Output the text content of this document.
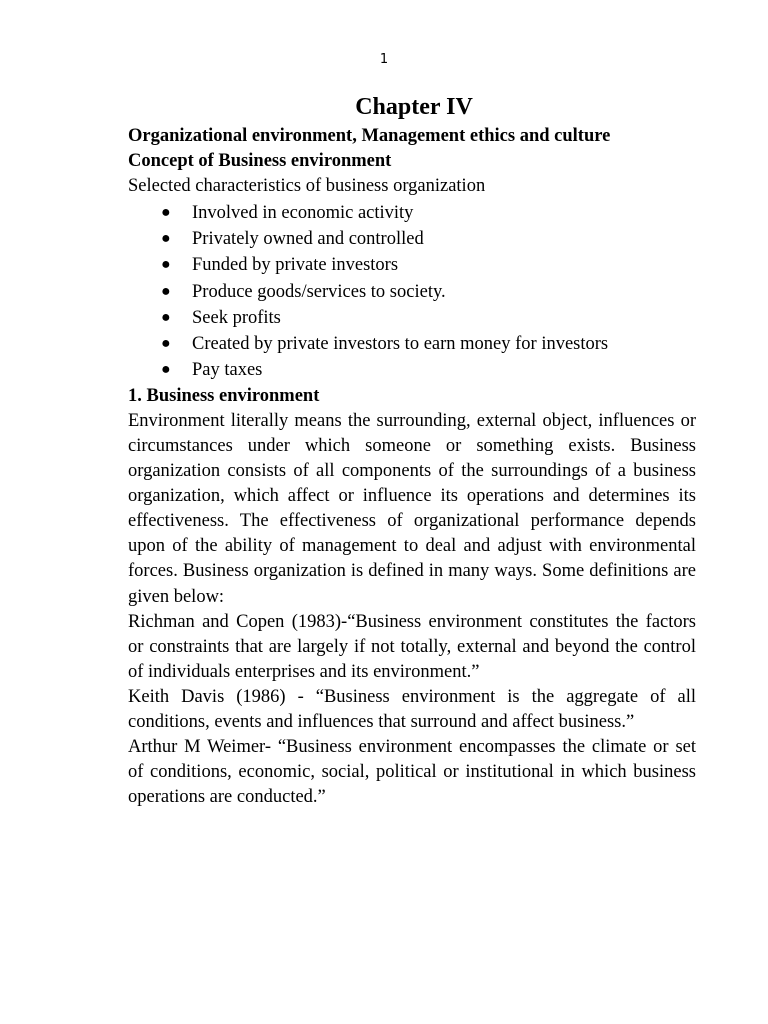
1
Chapter IV

Organizational environment, Management ethics and culture

Concept of Business environment

Selected characteristics of business organization

● Involved in economic activity
● Privately owned and controlled
● Funded by private investors
● Produce goods/services to society.
● Seek profits
● Created by private investors to earn money for investors
● Pay taxes

1. Business environment

Environment literally means the surrounding, external object, influences or circumstances under which someone or something exists. Business organization consists of all components of the surroundings of a business organization, which affect or influence its operations and determines its effectiveness. The effectiveness of organizational performance depends upon of the ability of management to deal and adjust with environmental forces. Business organization is defined in many ways. Some definitions are given below:

Richman and Copen (1983)-“Business environment constitutes the factors or constraints that are largely if not totally, external and beyond the control of individuals enterprises and its environment.”

Keith Davis (1986) - “Business environment is the aggregate of all conditions, events and influences that surround and affect business.”

Arthur M Weimer- “Business environment encompasses the climate or set of conditions, economic, social, political or institutional in which business operations are conducted.”
